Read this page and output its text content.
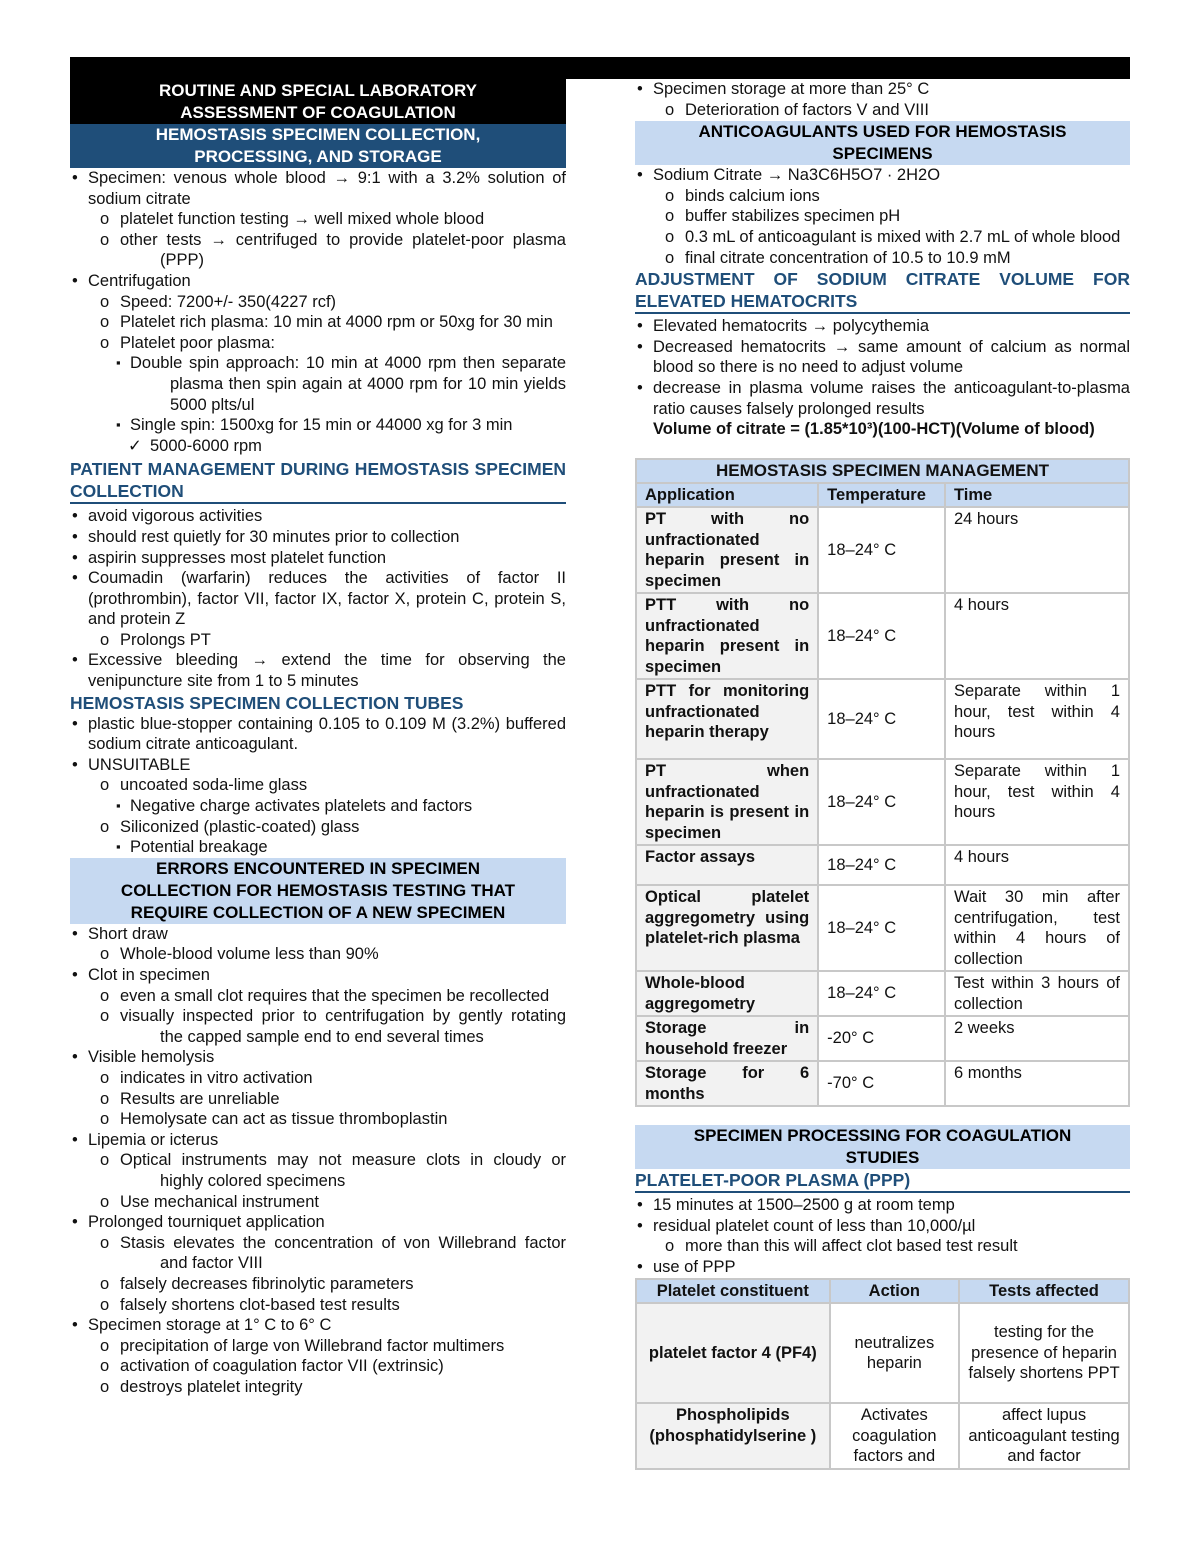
ROUTINE AND SPECIAL LABORATORY
ASSESSMENT OF COAGULATION
HEMOSTASIS SPECIMEN COLLECTION,
PROCESSING, AND STORAGE
• Specimen: venous whole blood → 9:1 with a 3.2% solution of sodium citrate
o platelet function testing → well mixed whole blood
o other tests → centrifuged to provide platelet-poor plasma (PPP)
• Centrifugation
o Speed: 7200+/- 350(4227 rcf)
o Platelet rich plasma: 10 min at 4000 rpm or 50xg for 30 min
o Platelet poor plasma:
▪ Double spin approach: 10 min at 4000 rpm then separate plasma then spin again at 4000 rpm for 10 min yields 5000 plts/ul
▪ Single spin: 1500xg for 15 min or 44000 xg for 3 min
✓ 5000-6000 rpm
PATIENT MANAGEMENT DURING HEMOSTASIS SPECIMEN COLLECTION
• avoid vigorous activities
• should rest quietly for 30 minutes prior to collection
• aspirin suppresses most platelet function
• Coumadin (warfarin) reduces the activities of factor II (prothrombin), factor VII, factor IX, factor X, protein C, protein S, and protein Z
o Prolongs PT
• Excessive bleeding → extend the time for observing the venipuncture site from 1 to 5 minutes
HEMOSTASIS SPECIMEN COLLECTION TUBES
• plastic blue-stopper containing 0.105 to 0.109 M (3.2%) buffered sodium citrate anticoagulant.
• UNSUITABLE
o uncoated soda-lime glass
▪ Negative charge activates platelets and factors
o Siliconized (plastic-coated) glass
▪ Potential breakage
ERRORS ENCOUNTERED IN SPECIMEN
COLLECTION FOR HEMOSTASIS TESTING THAT
REQUIRE COLLECTION OF A NEW SPECIMEN
• Short draw
o Whole-blood volume less than 90%
• Clot in specimen
o even a small clot requires that the specimen be recollected
o visually inspected prior to centrifugation by gently rotating the capped sample end to end several times
• Visible hemolysis
o indicates in vitro activation
o Results are unreliable
o Hemolysate can act as tissue thromboplastin
• Lipemia or icterus
o Optical instruments may not measure clots in cloudy or highly colored specimens
o Use mechanical instrument
• Prolonged tourniquet application
o Stasis elevates the concentration of von Willebrand factor and factor VIII
o falsely decreases fibrinolytic parameters
o falsely shortens clot-based test results
• Specimen storage at 1° C to 6° C
o precipitation of large von Willebrand factor multimers
o activation of coagulation factor VII (extrinsic)
o destroys platelet integrity
• Specimen storage at more than 25° C
o Deterioration of factors V and VIII
ANTICOAGULANTS USED FOR HEMOSTASIS
SPECIMENS
• Sodium Citrate → Na3C6H5O7 · 2H2O
o binds calcium ions
o buffer stabilizes specimen pH
o 0.3 mL of anticoagulant is mixed with 2.7 mL of whole blood
o final citrate concentration of 10.5 to 10.9 mM
ADJUSTMENT OF SODIUM CITRATE VOLUME FOR ELEVATED HEMATOCRITS
• Elevated hematocrits → polycythemia
• Decreased hematocrits → same amount of calcium as normal blood so there is no need to adjust volume
• decrease in plasma volume raises the anticoagulant-to-plasma ratio causes falsely prolonged results
Volume of citrate = (1.85*10³)(100-HCT)(Volume of blood)
HEMOSTASIS SPECIMEN MANAGEMENT
Application	Temperature	Time
PT with no unfractionated heparin present in specimen	18–24° C	24 hours
PTT with no unfractionated heparin present in specimen	18–24° C	4 hours
PTT for monitoring unfractionated heparin therapy	18–24° C	Separate within 1 hour, test within 4 hours
PT when unfractionated heparin is present in specimen	18–24° C	Separate within 1 hour, test within 4 hours
Factor assays	18–24° C	4 hours
Optical platelet aggregometry using platelet-rich plasma	18–24° C	Wait 30 min after centrifugation, test within 4 hours of collection
Whole-blood aggregometry	18–24° C	Test within 3 hours of collection
Storage in household freezer	-20° C	2 weeks
Storage for 6 months	-70° C	6 months
SPECIMEN PROCESSING FOR COAGULATION
STUDIES
PLATELET-POOR PLASMA (PPP)
• 15 minutes at 1500–2500 g at room temp
• residual platelet count of less than 10,000/µl
o more than this will affect clot based test result
• use of PPP
Platelet constituent	Action	Tests affected
platelet factor 4 (PF4)	neutralizes heparin	testing for the presence of heparin falsely shortens PPT
Phospholipids (phosphatidylserine )	Activates coagulation factors and	affect lupus anticoagulant testing and factor
